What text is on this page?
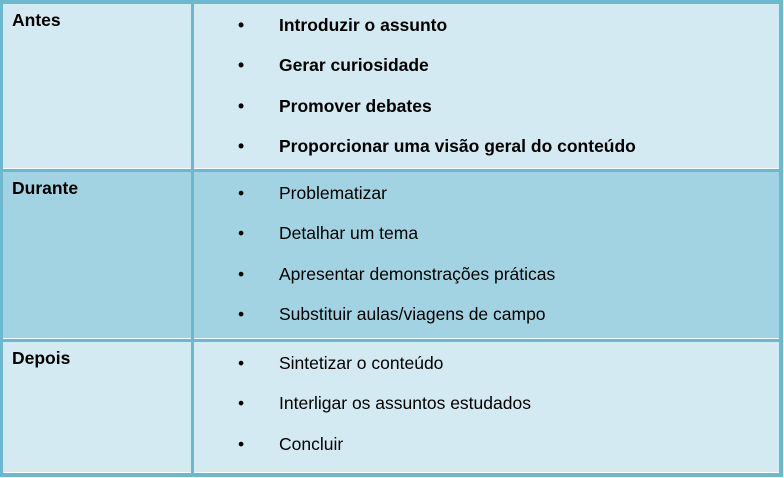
Antes	•	Introduzir o assunto
•	Gerar curiosidade
•	Promover debates
•	Proporcionar uma visão geral do conteúdo
Durante	•	Problematizar
•	Detalhar um tema
•	Apresentar demonstrações práticas
•	Substituir aulas/viagens de campo
Depois	•	Sintetizar o conteúdo
•	Interligar os assuntos estudados
•	Concluir
